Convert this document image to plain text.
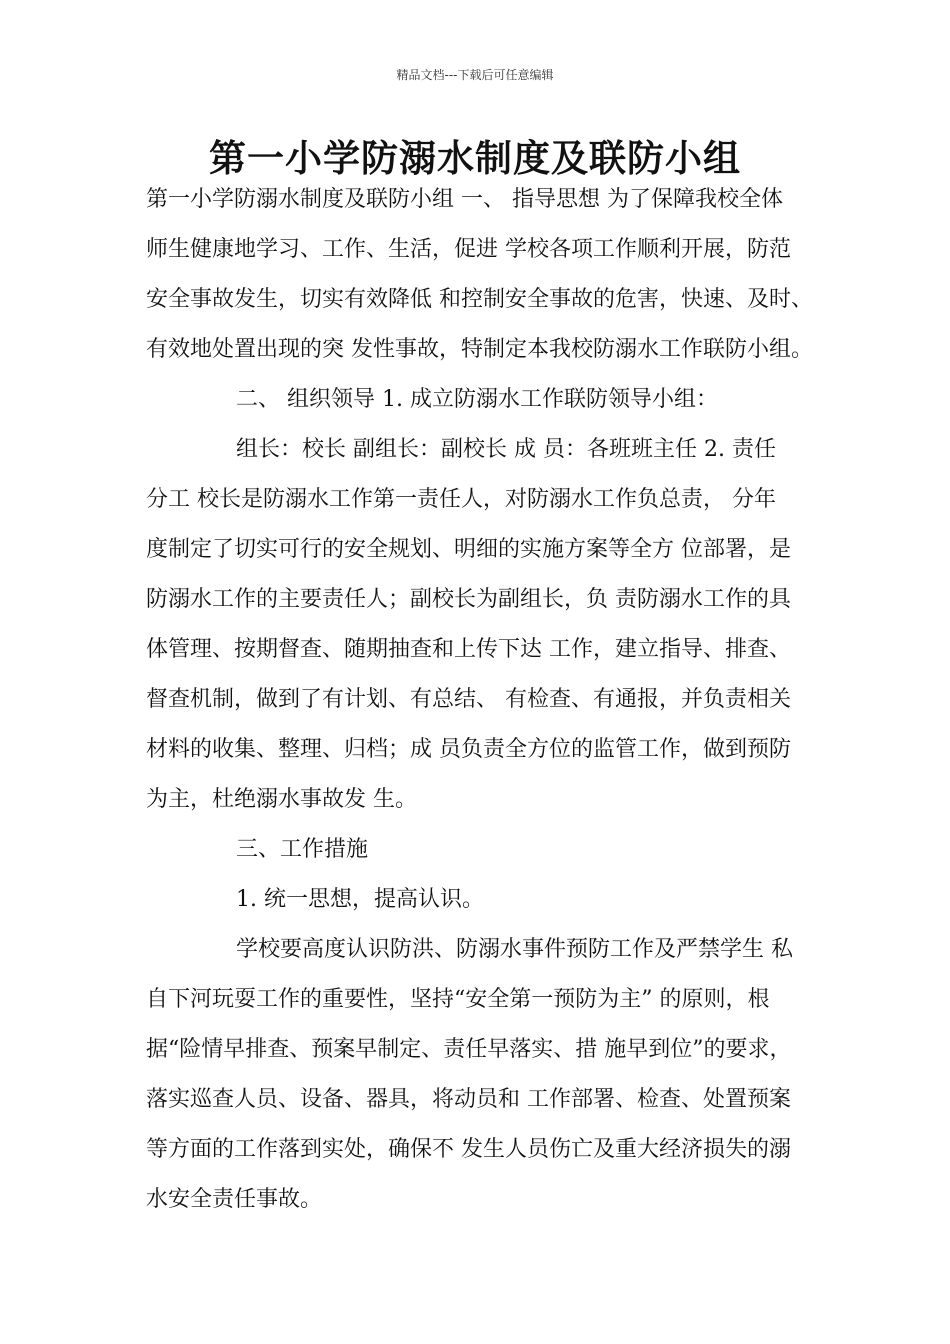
精品文档---下载后可任意编辑
第一小学防溺水制度及联防小组
第一小学防溺水制度及联防小组 一、 指导思想 为了保障我校全体
师生健康地学习、工作、生活，促进 学校各项工作顺利开展，防范
安全事故发生，切实有效降低 和控制安全事故的危害，快速、及时、
有效地处置出现的突 发性事故，特制定本我校防溺水工作联防小组。
二、 组织领导 1. 成立防溺水工作联防领导小组：
组长：校长 副组长：副校长 成 员：各班班主任 2. 责任
分工 校长是防溺水工作第一责任人，对防溺水工作负总责， 分年
度制定了切实可行的安全规划、明细的实施方案等全方 位部署，是
防溺水工作的主要责任人；副校长为副组长，负 责防溺水工作的具
体管理、按期督查、随期抽查和上传下达 工作，建立指导、排查、
督查机制，做到了有计划、有总结、 有检查、有通报，并负责相关
材料的收集、整理、归档；成 员负责全方位的监管工作，做到预防
为主，杜绝溺水事故发 生。
三、工作措施
1. 统一思想，提高认识。
学校要高度认识防洪、防溺水事件预防工作及严禁学生 私
自下河玩耍工作的重要性，坚持“安全第一预防为主” 的原则，根
据“险情早排查、预案早制定、责任早落实、措 施早到位”的要求，
落实巡查人员、设备、器具，将动员和 工作部署、检查、处置预案
等方面的工作落到实处，确保不 发生人员伤亡及重大经济损失的溺
水安全责任事故。
